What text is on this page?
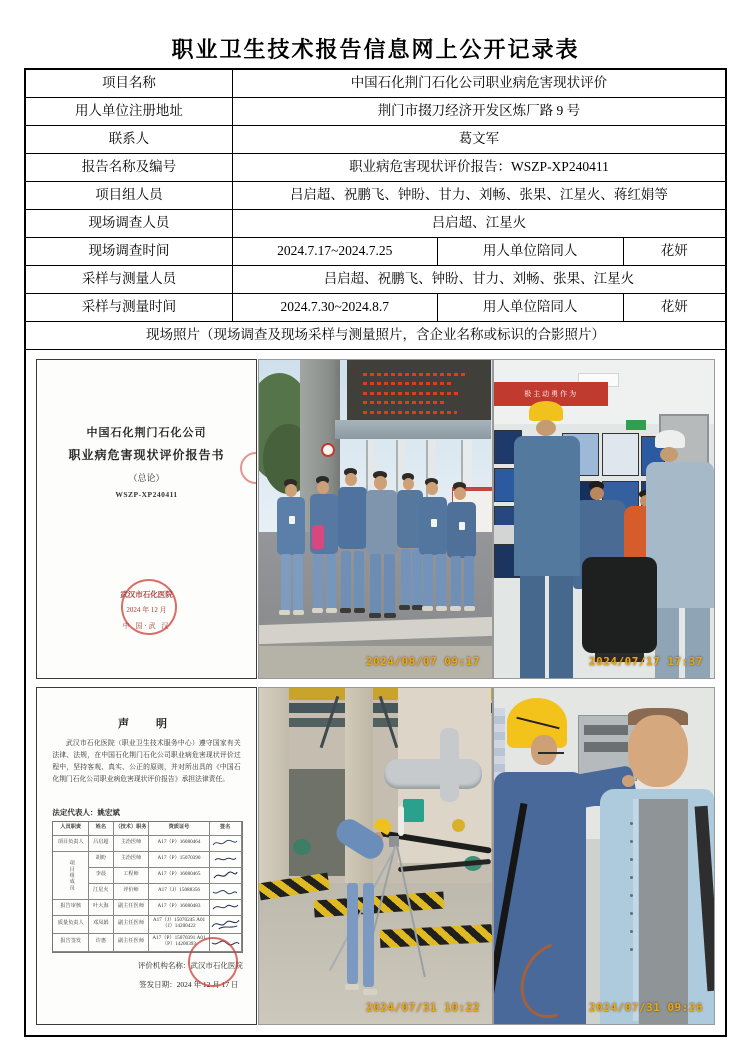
职业卫生技术报告信息网上公开记录表
项目名称	中国石化荆门石化公司职业病危害现状评价
用人单位注册地址	荆门市掇刀经济开发区炼厂路 9 号
联系人	葛文军
报告名称及编号	职业病危害现状评价报告：WSZP-XP240411
项目组人员	吕启超、祝鹏飞、钟盼、甘力、刘畅、张果、江星火、蒋红娟等
现场调查人员	吕启超、江星火
现场调查时间	2024.7.17~2024.7.25	用人单位陪同人	花妍
采样与测量人员	吕启超、祝鹏飞、钟盼、甘力、刘畅、张果、江星火
采样与测量时间	2024.7.30~2024.8.7	用人单位陪同人	花妍
现场照片（现场调查及现场采样与测量照片，含企业名称或标识的合影照片）
中国石化荆门石化公司
职业病危害现状评价报告书
（总论）
WSZP-XP240411
武汉市石化医院
2024 年 12 月
中 国·武 汉
2024/08/07 09:17
极主动勇作为
2024/07/17 17:37
声　明
武汉市石化医院（职业卫生技术服务中心）遵守国家有关法律、法规，在中国石化荆门石化公司职业病危害现状评价过程中，坚持客观、真实、公正的原则，并对所出具的《中国石化荆门石化公司职业病危害现状评价报告》承担法律责任。
法定代表人：姚宏斌
人员职责	姓名	（技术）职务	资质证号	签名
项目负责人	吕启超	主治医师	A17（P）16080464
项目组成员
胡盼	主治医师	A17（P）15070390
李晨	工程师	A17（P）16080465
江星火	评价师	A17（J）15088356
报告审核	叶大海	副主任医师	A17（P）16080483
质量负责人	邓凤娟	副主任医师	A17（J）15070245 A01（J）14200422
报告签发	许惠	副主任医师	A17（P）15070391 A01（P）14200393
评价机构名称：武汉市石化医院
签发日期：2024 年 12 月 17 日
2024/07/31 10:22	2024/07/31 09:26
